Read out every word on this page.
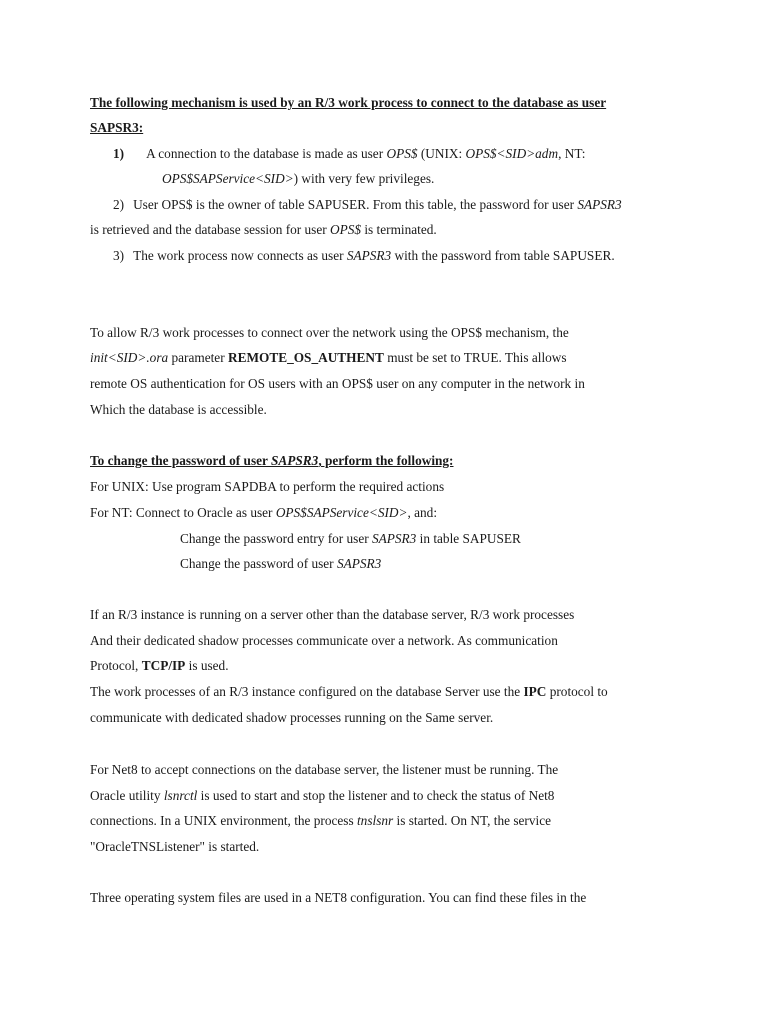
The following mechanism is used by an R/3 work process to connect to the database as user
SAPSR3:
1) A connection to the database is made as user OPS$ (UNIX: OPS$<SID>adm, NT:
OPS$SAPService<SID>) with very few privileges.
2) User OPS$ is the owner of table SAPUSER. From this table, the password for user SAPSR3
is retrieved and the database session for user OPS$ is terminated.
3) The work process now connects as user SAPSR3 with the password from table SAPUSER.
To allow R/3 work processes to connect over the network using the OPS$ mechanism, the
init<SID>.ora parameter REMOTE_OS_AUTHENT must be set to TRUE. This allows
remote OS authentication for OS users with an OPS$ user on any computer in the network in
Which the database is accessible.
To change the password of user SAPSR3, perform the following:
For UNIX: Use program SAPDBA to perform the required actions
For NT: Connect to Oracle as user OPS$SAPService<SID>, and:
Change the password entry for user SAPSR3 in table SAPUSER
Change the password of user SAPSR3
If an R/3 instance is running on a server other than the database server, R/3 work processes
And their dedicated shadow processes communicate over a network. As communication
Protocol, TCP/IP is used.
The work processes of an R/3 instance configured on the database Server use the IPC protocol to
communicate with dedicated shadow processes running on the Same server.
For Net8 to accept connections on the database server, the listener must be running. The
Oracle utility lsnrctl is used to start and stop the listener and to check the status of Net8
connections. In a UNIX environment, the process tnslsnr is started. On NT, the service
"OracleTNSListener" is started.
Three operating system files are used in a NET8 configuration. You can find these files in the
